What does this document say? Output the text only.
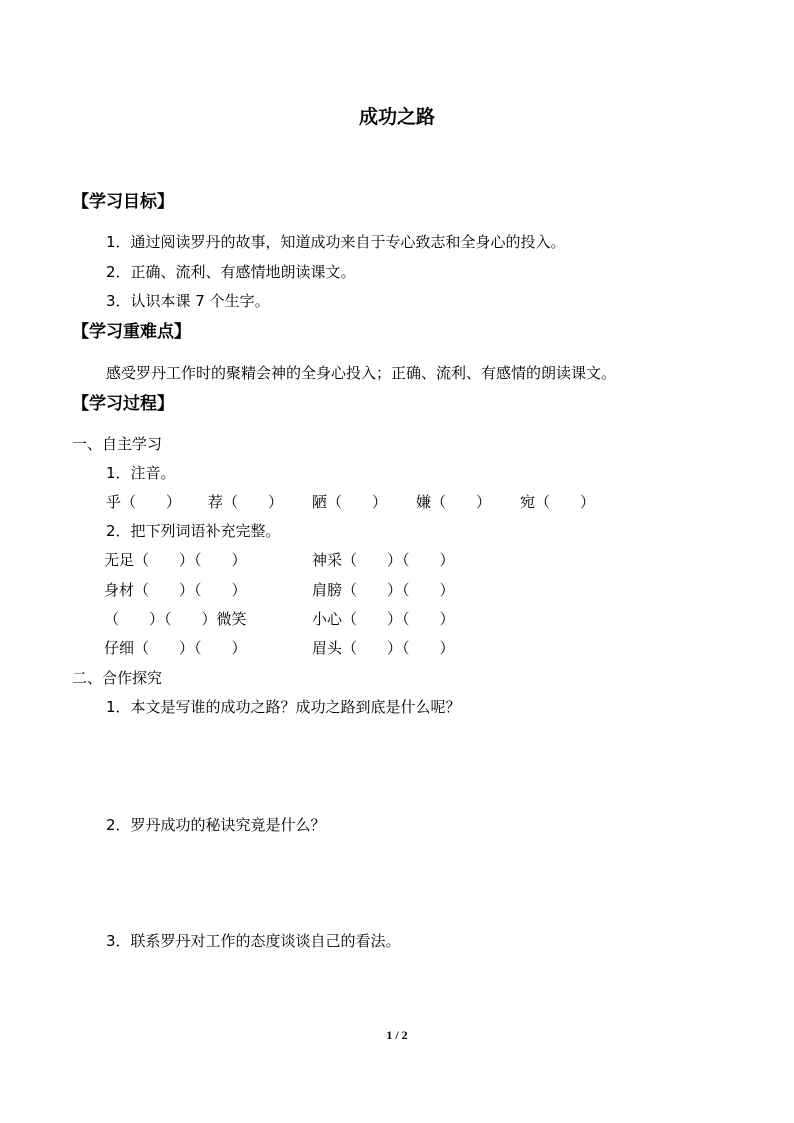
成功之路
【学习目标】
1．通过阅读罗丹的故事，知道成功来自于专心致志和全身心的投入。
2．正确、流利、有感情地朗读课文。
3．认识本课 7 个生字。
【学习重难点】
感受罗丹工作时的聚精会神的全身心投入；正确、流利、有感情的朗读课文。
【学习过程】
一、自主学习
1．注音。
乎（　　） 荐（　　） 陋（　　） 嫌（　　） 宛（　　）
2．把下列词语补充完整。
无足（　　）（　　）
身材（　　）（　　）
（　　）（　　）微笑
仔细（　　）（　　）
神采（　　）（　　）
肩膀（　　）（　　）
小心（　　）（　　）
眉头（　　）（　　）
二、合作探究
1．本文是写谁的成功之路？成功之路到底是什么呢？
2．罗丹成功的秘诀究竟是什么？
3．联系罗丹对工作的态度谈谈自己的看法。
1 / 2
